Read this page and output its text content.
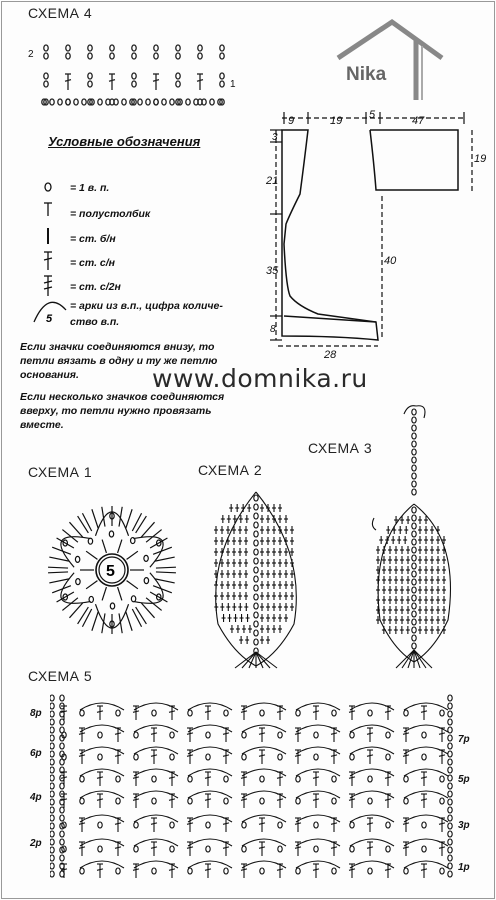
СХЕМА 4
2
1	Nika
Условные обозначения
5
= 1 в. п.
= полустолбик
= ст. б/н
= ст. с/н
= ст. с/2н
= арки из в.п., цифра количе-
ство в.п.
Если значки соединяются внизу, то петли вязать в одну и ту же петлю основания.
Если несколько значков соединяются вверху, то петли нужно провязать вместе.
9	19 5	47
3
21
35
8
19
40
28
www.domnika.ru
СХЕМА 1	СХЕМА 2
СХЕМА 3
5
СХЕМА 5
8р
6р
4р
2р
7р
5р
3р
1р
